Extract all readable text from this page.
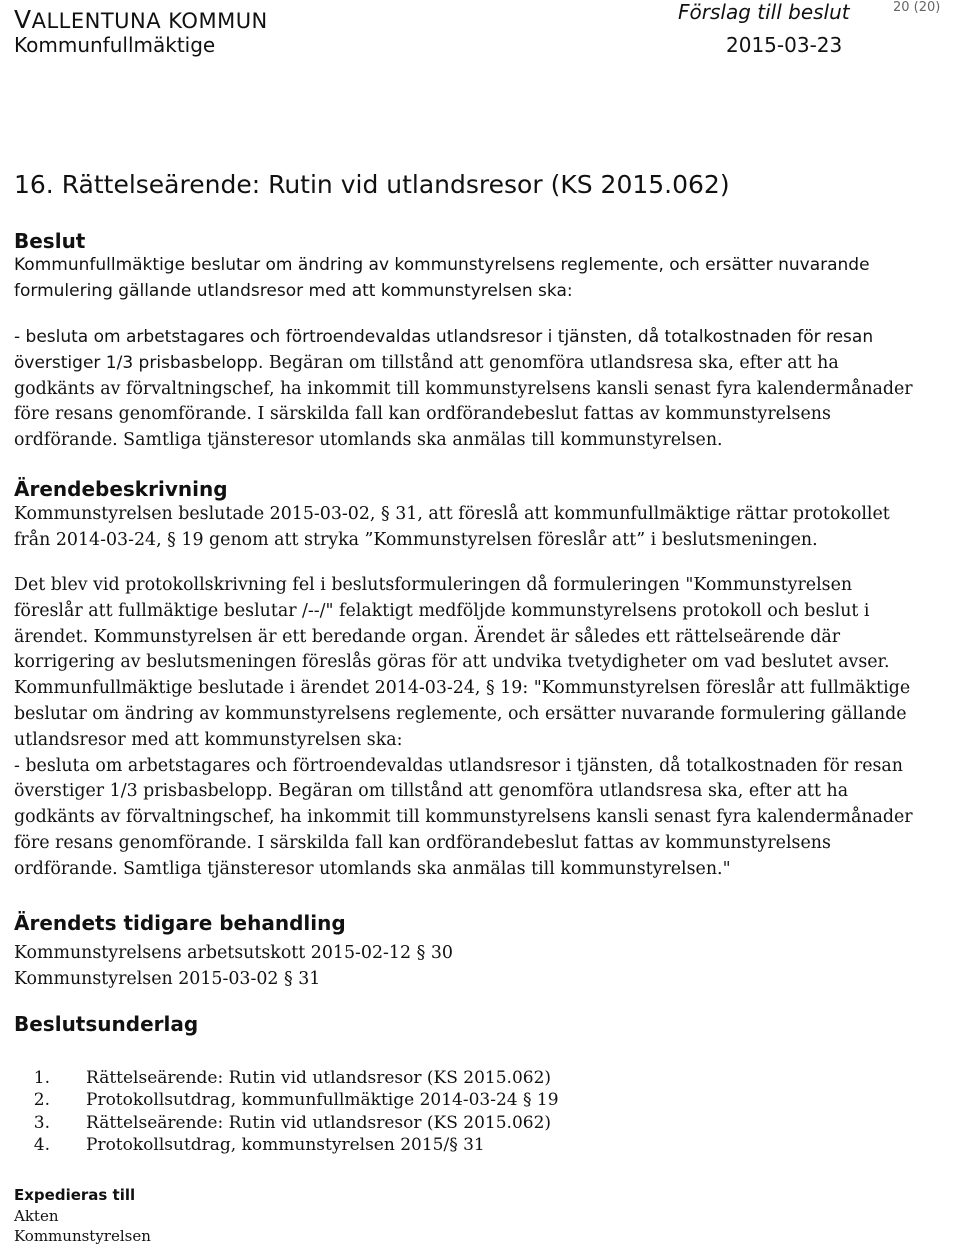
VALLENTUNA KOMMUN
Kommunfullmäktige
Förslag till beslut
2015-03-23
20 (20)
16. Rättelseärende: Rutin vid utlandsresor (KS 2015.062)
Beslut
Kommunfullmäktige beslutar om ändring av kommunstyrelsens reglemente, och ersätter nuvarande
formulering gällande utlandsresor med att kommunstyrelsen ska:
- besluta om arbetstagares och förtroendevaldas utlandsresor i tjänsten, då totalkostnaden för resan
överstiger 1/3 prisbasbelopp. Begäran om tillstånd att genomföra utlandsresa ska, efter att ha
godkänts av förvaltningschef, ha inkommit till kommunstyrelsens kansli senast fyra kalendermånader
före resans genomförande. I särskilda fall kan ordförandebeslut fattas av kommunstyrelsens
ordförande. Samtliga tjänsteresor utomlands ska anmälas till kommunstyrelsen.
Ärendebeskrivning
Kommunstyrelsen beslutade 2015-03-02, § 31, att föreslå att kommunfullmäktige rättar protokollet
från 2014-03-24, § 19 genom att stryka ”Kommunstyrelsen föreslår att” i beslutsmeningen.
Det blev vid protokollskrivning fel i beslutsformuleringen då formuleringen "Kommunstyrelsen
föreslår att fullmäktige beslutar /--/" felaktigt medföljde kommunstyrelsens protokoll och beslut i
ärendet. Kommunstyrelsen är ett beredande organ. Ärendet är således ett rättelseärende där
korrigering av beslutsmeningen föreslås göras för att undvika tvetydigheter om vad beslutet avser.
Kommunfullmäktige beslutade i ärendet 2014-03-24, § 19: "Kommunstyrelsen föreslår att fullmäktige
beslutar om ändring av kommunstyrelsens reglemente, och ersätter nuvarande formulering gällande
utlandsresor med att kommunstyrelsen ska:
- besluta om arbetstagares och förtroendevaldas utlandsresor i tjänsten, då totalkostnaden för resan
överstiger 1/3 prisbasbelopp. Begäran om tillstånd att genomföra utlandsresa ska, efter att ha
godkänts av förvaltningschef, ha inkommit till kommunstyrelsens kansli senast fyra kalendermånader
före resans genomförande. I särskilda fall kan ordförandebeslut fattas av kommunstyrelsens
ordförande. Samtliga tjänsteresor utomlands ska anmälas till kommunstyrelsen."
Ärendets tidigare behandling
Kommunstyrelsens arbetsutskott 2015-02-12 § 30
Kommunstyrelsen 2015-03-02 § 31
Beslutsunderlag
1. Rättelseärende: Rutin vid utlandsresor (KS 2015.062)
2. Protokollsutdrag, kommunfullmäktige 2014-03-24 § 19
3. Rättelseärende: Rutin vid utlandsresor (KS 2015.062)
4. Protokollsutdrag, kommunstyrelsen 2015/§ 31
Expedieras till
Akten
Kommunstyrelsen
